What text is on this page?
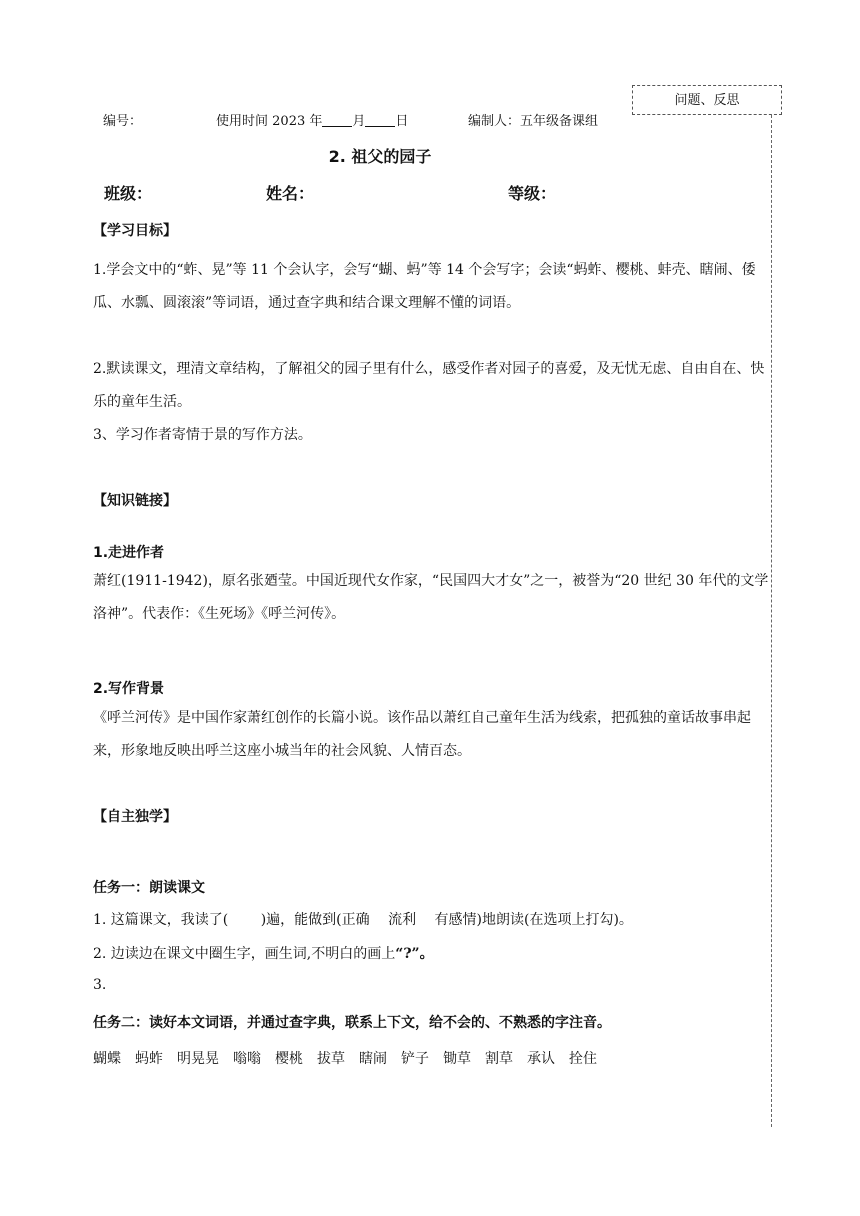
编号：	使用时间 2023 年 月 日	编制人：五年级备课组
问题、反思
2. 祖父的园子
班级：	姓名：	等级：
【学习目标】
1.学会文中的“蚱、晃”等 11 个会认字，会写“蝴、蚂”等 14 个会写字；会读“蚂蚱、樱桃、蚌壳、瞎闹、倭瓜、水瓢、圆滚滚”等词语，通过查字典和结合课文理解不懂的词语。
2.默读课文，理清文章结构，了解祖父的园子里有什么，感受作者对园子的喜爱，及无忧无虑、自由自在、快乐的童年生活。
3、学习作者寄情于景的写作方法。
【知识链接】
1.走进作者
萧红(1911-1942)，原名张廼莹。中国近现代女作家，“民国四大才女”之一，被誉为“20 世纪 30 年代的文学洛神”。代表作：《生死场》《呼兰河传》。
2.写作背景
《呼兰河传》是中国作家萧红创作的长篇小说。该作品以萧红自己童年生活为线索，把孤独的童话故事串起来，形象地反映出呼兰这座小城当年的社会风貌、人情百态。
【自主独学】
任务一：朗读课文
1. 这篇课文，我读了(　　 )遍，能做到(正确　 流利　 有感情)地朗读(在选项上打勾)。
2. 边读边在课文中圈生字，画生词,不明白的画上“?”。
3.
任务二：读好本文词语，并通过查字典，联系上下文，给不会的、不熟悉的字注音。
蝴蝶 蚂蚱 明晃晃 嗡嗡 樱桃 拔草 瞎闹 铲子 锄草 割草 承认 拴住
